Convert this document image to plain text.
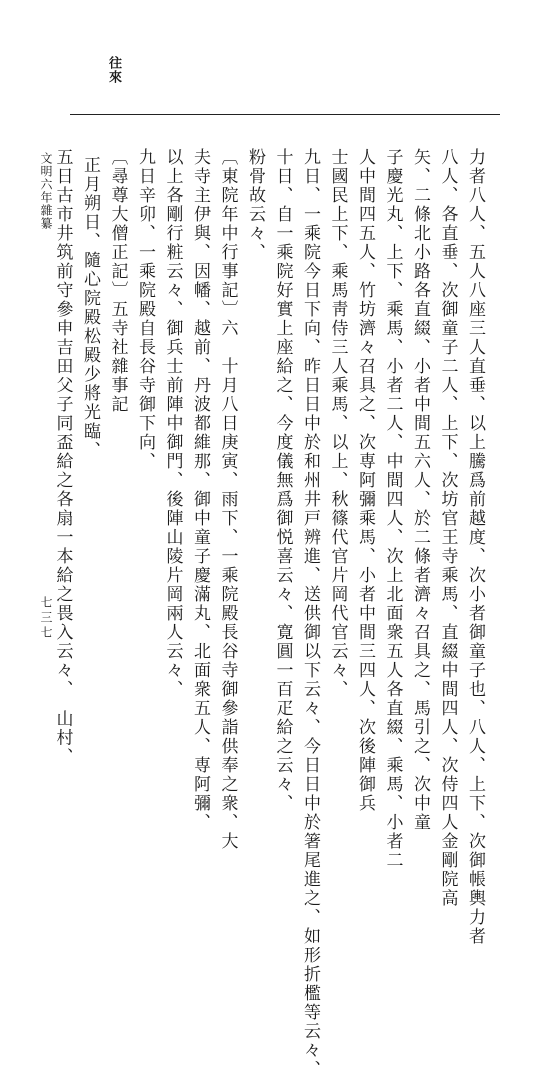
往來
文明六年雜纂
七三七	力者八人、五人八座三人直垂、以上騰爲前越度、次小者御童子也、八人、上下、次御帳輿力者
八人、各直垂、次御童子二人、上下、次坊官王寺乘馬、直綴中間四人、次侍四人金剛院高
矢、二條北小路各直綴、小者中間五六人、於二條者濟々召具之、馬引之、次中童
子慶光丸、上下、乘馬、小者二人、中間四人、次上北面衆五人各直綴、乘馬、小者二
人中間四五人、竹坊濟々召具之、次専阿彌乘馬、小者中間三四人、次後陣御兵
士國民上下、乘馬靑侍三人乘馬、以上、秋篠代官片岡代官云々、
九日、一乘院今日下向、昨日日中於和州井戸辨進、送供御以下云々、今日日中於箸尾進之、如形折檻等云々、
十日、自一乘院好實上座給之、今度儀無爲御悦喜云々、寛圓一百疋給之云々、
粉骨故云々、
〔東院年中行事記〕六　十月八日庚寅、雨下、一乘院殿長谷寺御參詣供奉之衆、大
夫寺主伊與、因幡、越前、丹波都維那、御中童子慶滿丸、北面衆五人、専阿彌、
以上各剛行粧云々、御兵士前陣中御門、後陣山陵片岡兩人云々、
九日辛卯、一乘院殿自長谷寺御下向、
〔尋尊大僧正記〕五寺社雜事記
正月朔日、隨心院殿松殿少將光臨、
五日古市井筑前守參申吉田父子同盃給之各扇一本給之畏入云々、　山村、
